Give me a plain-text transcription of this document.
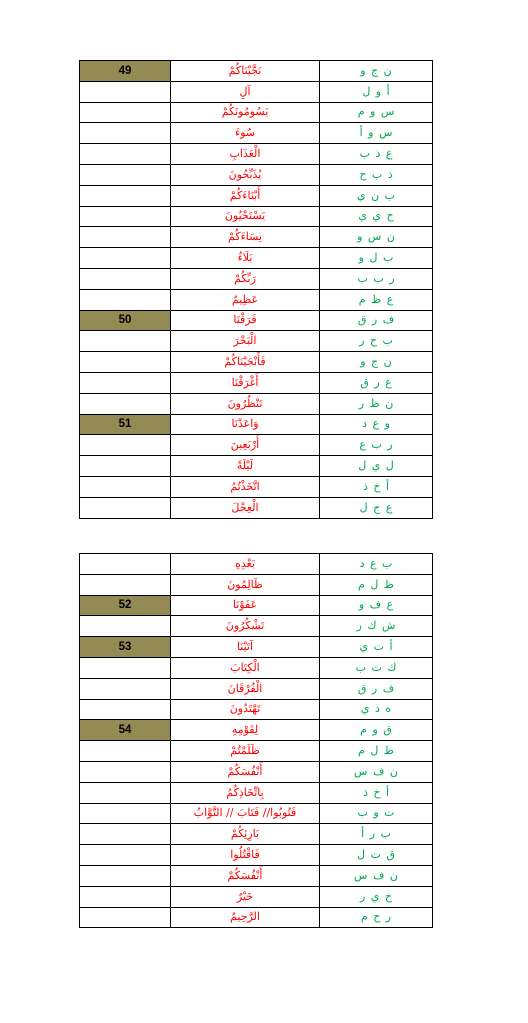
49	نَجَّيْنَاكُمْ	ن ج و
	آلِ	أ و ل
	يَسُومُونَكُمْ	س و م
	سُوءَ	س و أ
	الْعَذَابِ	ع ذ ب
	يُذَبِّحُونَ	ذ ب ح
	أَبْنَاءَكُمْ	ب ن ي
	يَسْتَحْيُونَ	ح ي ي
	نِسَاءَكُمْ	ن س و
	بَلَاءٌ	ب ل و
	رَبِّكُمْ	ر ب ب
	عَظِيمٌ	ع ظ م
50	فَرَقْنَا	ف ر ق
	الْبَحْرَ	ب ح ر
	فَأَنْجَيْنَاكُمْ	ن ج و
	أَغْرَقْنَا	غ ر ق
	تَنْظُرُونَ	ن ظ ر
51	وَاعَدْنَا	و ع د
	أَرْبَعِينَ	ر ب ع
	لَيْلَةً	ل ي ل
	اتَّخَذْتُمُ	أ خ ذ
	الْعِجْلَ	ع ج ل
	بَعْدِهِ	ب ع د
	ظَالِمُونَ	ظ ل م
52	عَفَوْنَا	ع ف و
	تَشْكُرُونَ	ش ك ر
53	آتَيْنَا	أ ت ي
	الْكِتَابَ	ك ت ب
	الْفُرْقَانَ	ف ر ق
	تَهْتَدُونَ	ه د ي
54	لِقَوْمِهِ	ق و م
	ظَلَمْتُمْ	ظ ل م
	أَنْفُسَكُمْ	ن ف س
	بِاتِّخَاذِكُمُ	أ خ ذ
	فَتُوبُوا// فَتَابَ // التَّوَّابُ	ت و ب
	بَارِئِكُمْ	ب ر أ
	فَاقْتُلُوا	ق ت ل
	أَنْفُسَكُمْ	ن ف س
	خَيْرٌ	خ ي ر
	الرَّحِيمُ	ر ح م
